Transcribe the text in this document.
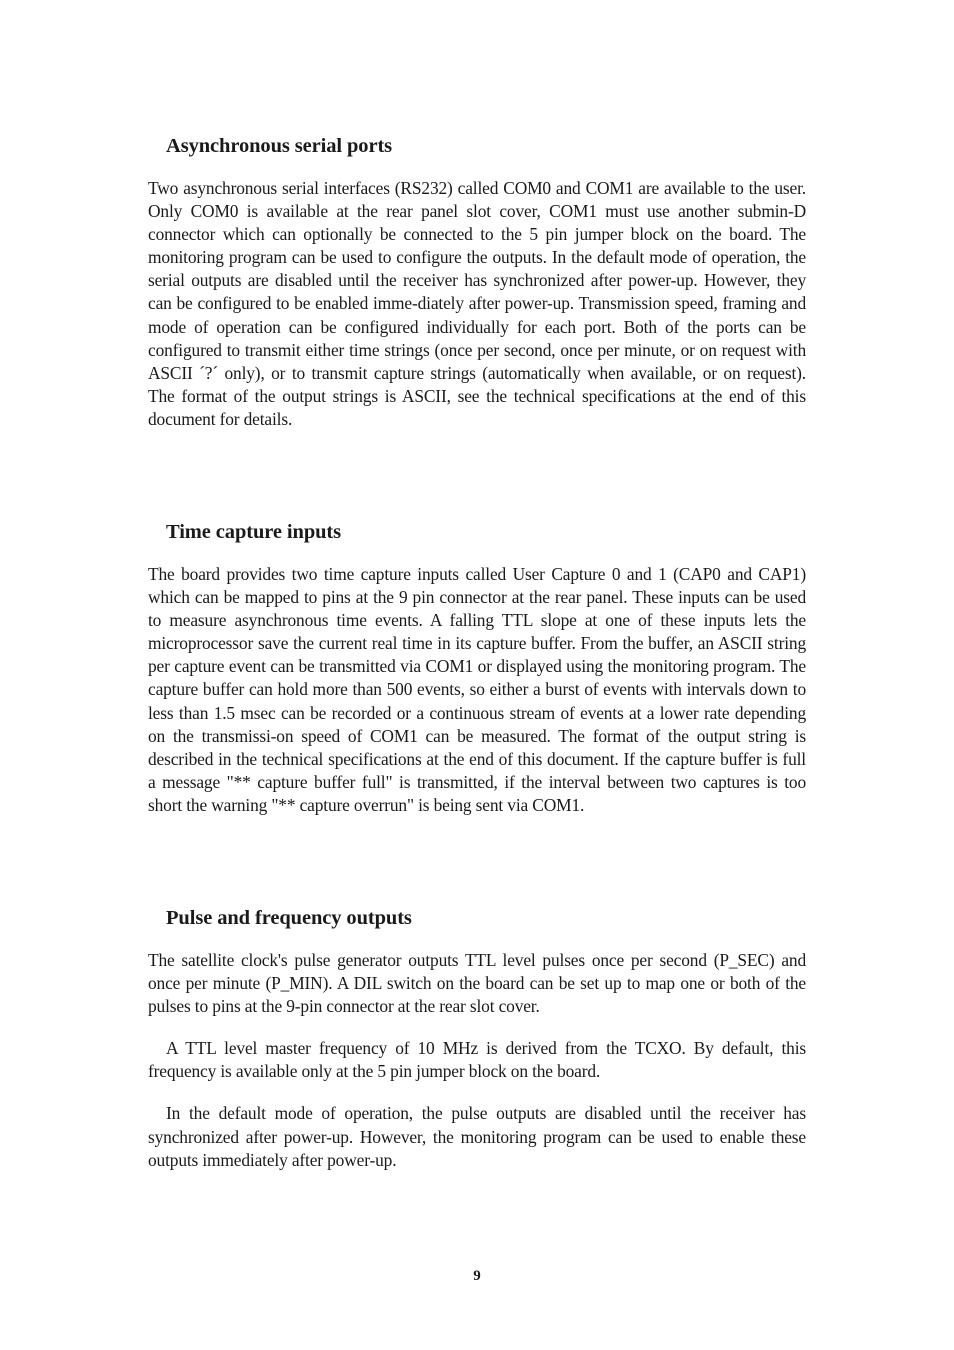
Asynchronous serial ports

Two asynchronous serial interfaces (RS232) called COM0 and COM1 are available to the user. Only COM0 is available at the rear panel slot cover, COM1 must use another submin-D connector which can optionally be connected to the 5 pin jumper block on the board. The monitoring program can be used to configure the outputs. In the default mode of operation, the serial outputs are disabled until the receiver has synchronized after power-up. However, they can be configured to be enabled imme-diately after power-up. Transmission speed, framing and mode of operation can be configured individually for each port. Both of the ports can be configured to transmit either time strings (once per second, once per minute, or on request with ASCII ´?´ only), or to transmit capture strings (automatically when available, or on request). The format of the output strings is ASCII, see the technical specifications at the end of this document for details.

Time capture inputs

The board provides two time capture inputs called User Capture 0 and 1 (CAP0 and CAP1) which can be mapped to pins at the 9 pin connector at the rear panel. These inputs can be used to measure asynchronous time events. A falling TTL slope at one of these inputs lets the microprocessor save the current real time in its capture buffer. From the buffer, an ASCII string per capture event can be transmitted via COM1 or displayed using the monitoring program. The capture buffer can hold more than 500 events, so either a burst of events with intervals down to less than 1.5 msec can be recorded or a continuous stream of events at a lower rate depending on the transmissi-on speed of COM1 can be measured. The format of the output string is described in the technical specifications at the end of this document. If the capture buffer is full a message "** capture buffer full" is transmitted, if the interval between two captures is too short the warning "** capture overrun" is being sent via COM1.

Pulse and frequency outputs

The satellite clock's pulse generator outputs TTL level pulses once per second (P_SEC) and once per minute (P_MIN). A DIL switch on the board can be set up to map one or both of the pulses to pins at the 9-pin connector at the rear slot cover.

A TTL level master frequency of 10 MHz is derived from the TCXO. By default, this frequency is available only at the 5 pin jumper block on the board.

In the default mode of operation, the pulse outputs are disabled until the receiver has synchronized after power-up. However, the monitoring program can be used to enable these outputs immediately after power-up.

9
